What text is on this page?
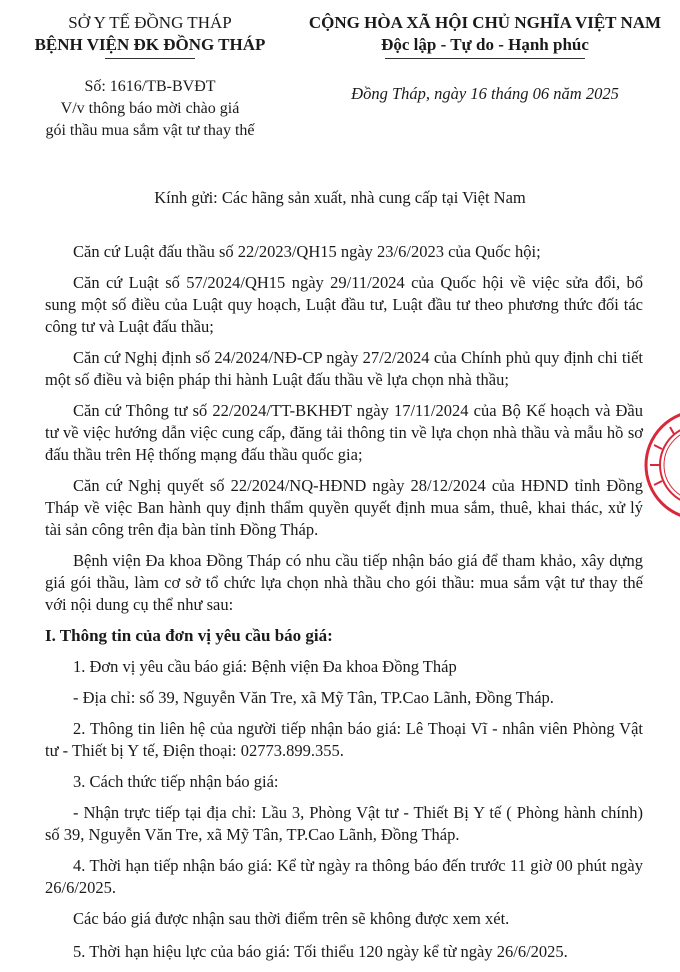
SỞ Y TẾ ĐỒNG THÁP
BỆNH VIỆN ĐK ĐỒNG THÁP
CỘNG HÒA XÃ HỘI CHỦ NGHĨA VIỆT NAM
Độc lập - Tự do - Hạnh phúc
Số: 1616/TB-BVĐT
V/v thông báo mời chào giá
gói thầu mua sắm vật tư thay thế
Đồng Tháp, ngày 16 tháng 06 năm 2025
Kính gửi: Các hãng sản xuất, nhà cung cấp tại Việt Nam

Căn cứ Luật đấu thầu số 22/2023/QH15 ngày 23/6/2023 của Quốc hội;

Căn cứ Luật số 57/2024/QH15 ngày 29/11/2024 của Quốc hội về việc sửa đổi, bổ sung một số điều của Luật quy hoạch, Luật đầu tư, Luật đầu tư theo phương thức đối tác công tư và Luật đấu thầu;

Căn cứ Nghị định số 24/2024/NĐ-CP ngày 27/2/2024 của Chính phủ quy định chi tiết một số điều và biện pháp thi hành Luật đấu thầu về lựa chọn nhà thầu;

Căn cứ Thông tư số 22/2024/TT-BKHĐT ngày 17/11/2024 của Bộ Kế hoạch và Đầu tư về việc hướng dẫn việc cung cấp, đăng tải thông tin về lựa chọn nhà thầu và mẫu hồ sơ đấu thầu trên Hệ thống mạng đấu thầu quốc gia;

Căn cứ Nghị quyết số 22/2024/NQ-HĐND ngày 28/12/2024 của HĐND tỉnh Đồng Tháp về việc Ban hành quy định thẩm quyền quyết định mua sắm, thuê, khai thác, xử lý tài sản công trên địa bàn tỉnh Đồng Tháp.

Bệnh viện Đa khoa Đồng Tháp có nhu cầu tiếp nhận báo giá để tham khảo, xây dựng giá gói thầu, làm cơ sở tổ chức lựa chọn nhà thầu cho gói thầu: mua sắm vật tư thay thế với nội dung cụ thể như sau:

I. Thông tin của đơn vị yêu cầu báo giá:

1. Đơn vị yêu cầu báo giá: Bệnh viện Đa khoa Đồng Tháp

- Địa chỉ: số 39, Nguyễn Văn Tre, xã Mỹ Tân, TP.Cao Lãnh, Đồng Tháp.

2. Thông tin liên hệ của người tiếp nhận báo giá: Lê Thoại Vĩ - nhân viên Phòng Vật tư - Thiết bị Y tế, Điện thoại: 02773.899.355.

3. Cách thức tiếp nhận báo giá:

- Nhận trực tiếp tại địa chỉ: Lầu 3, Phòng Vật tư - Thiết Bị Y tế ( Phòng hành chính) số 39, Nguyễn Văn Tre, xã Mỹ Tân, TP.Cao Lãnh, Đồng Tháp.

4. Thời hạn tiếp nhận báo giá: Kể từ ngày ra thông báo đến trước 11 giờ 00 phút ngày 26/6/2025.

Các báo giá được nhận sau thời điểm trên sẽ không được xem xét.

5. Thời hạn hiệu lực của báo giá: Tối thiểu 120 ngày kể từ ngày 26/6/2025.
